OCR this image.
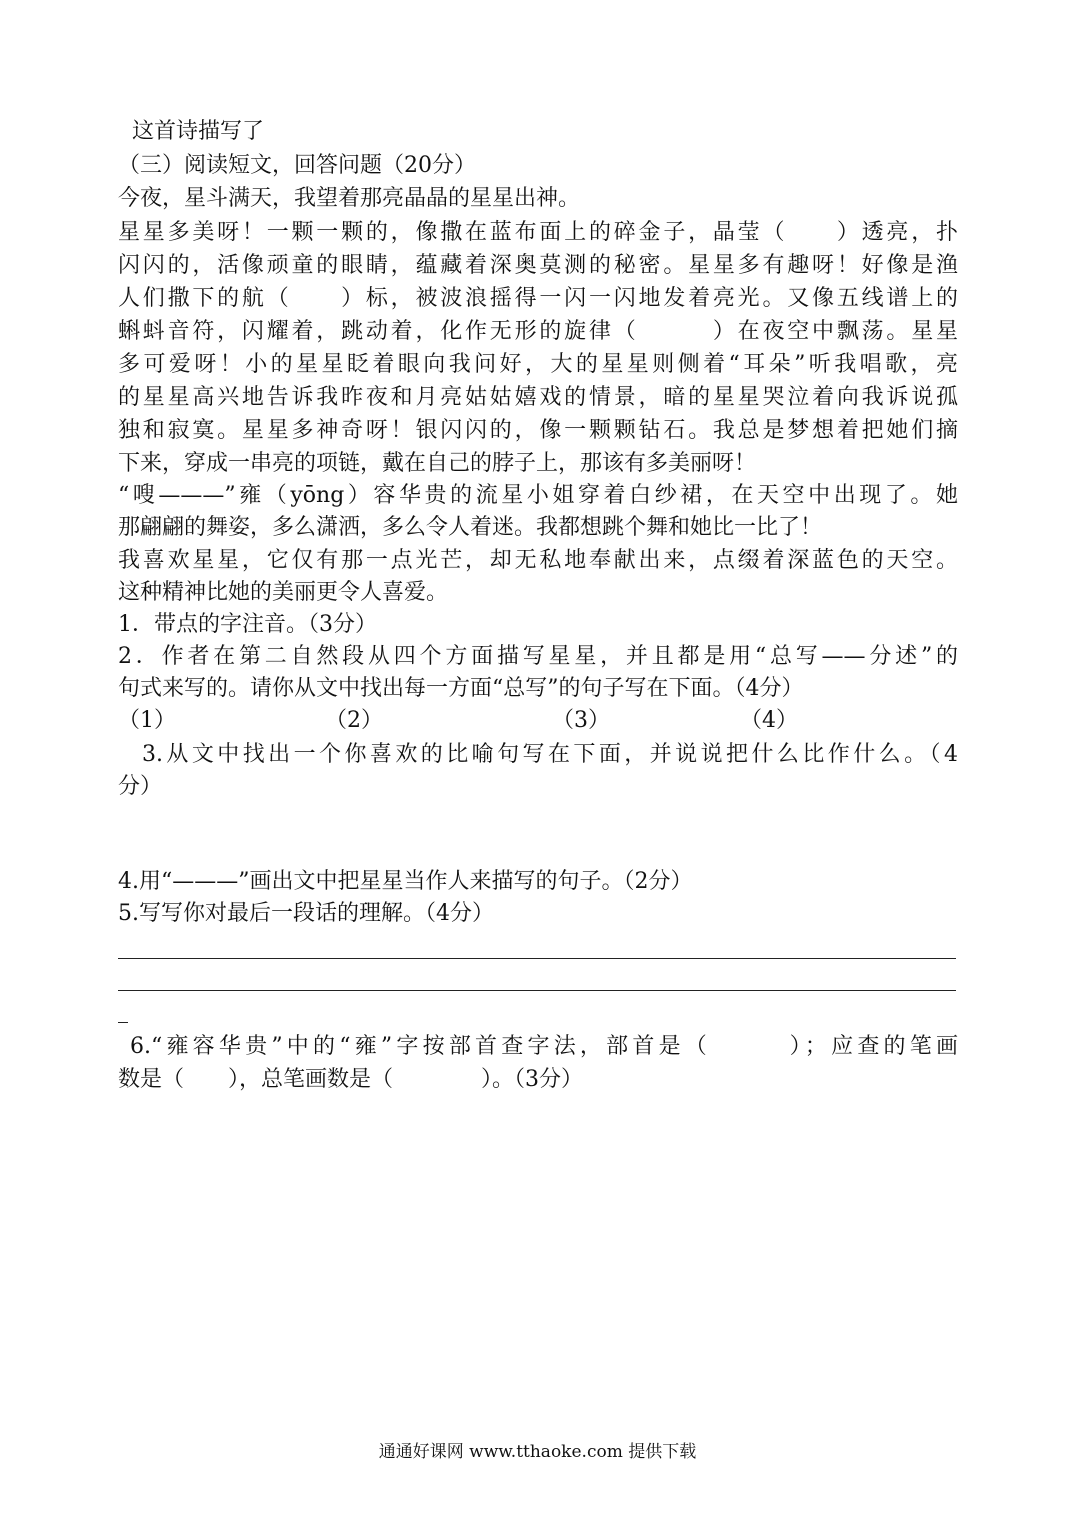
这首诗描写了
（三）阅读短文，回答问题（20分）
今夜，星斗满天，我望着那亮晶晶的星星出神。
星星多美呀！一颗一颗的，像撒在蓝布面上的碎金子，晶莹（　　）透亮，扑
闪闪的，活像顽童的眼睛，蕴藏着深奥莫测的秘密。星星多有趣呀！好像是渔
人们撒下的航（　　）标，被波浪摇得一闪一闪地发着亮光。又像五线谱上的
蝌蚪音符，闪耀着，跳动着，化作无形的旋律（　　　）在夜空中飘荡。星星
多可爱呀！小的星星眨着眼向我问好，大的星星则侧着“耳朵”听我唱歌，亮
的星星高兴地告诉我昨夜和月亮姑姑嬉戏的情景，暗的星星哭泣着向我诉说孤
独和寂寞。星星多神奇呀！银闪闪的，像一颗颗钻石。我总是梦想着把她们摘
下来，穿成一串亮的项链，戴在自己的脖子上，那该有多美丽呀！
“嗖———”雍（yōng）容华贵的流星小姐穿着白纱裙，在天空中出现了。她
那翩翩的舞姿，多么潇洒，多么令人着迷。我都想跳个舞和她比一比了！
我喜欢星星，它仅有那一点光芒，却无私地奉献出来，点缀着深蓝色的天空。
这种精神比她的美丽更令人喜爱。
1．带点的字注音。（3分）
2．作者在第二自然段从四个方面描写星星，并且都是用“总写——分述”的
句式来写的。请你从文中找出每一方面“总写”的句子写在下面。（4分）
（1）	（2）	（3）	（4）
3.从文中找出一个你喜欢的比喻句写在下面，并说说把什么比作什么。（4
分）
4.用“———”画出文中把星星当作人来描写的句子。（2分）
5.写写你对最后一段话的理解。（4分）
6.“雍容华贵”中的“雍”字按部首查字法，部首是（　　　）；应查的笔画
数是（　　），总笔画数是（　　　　）。（3分）
通通好课网 www.tthaoke.com 提供下载
